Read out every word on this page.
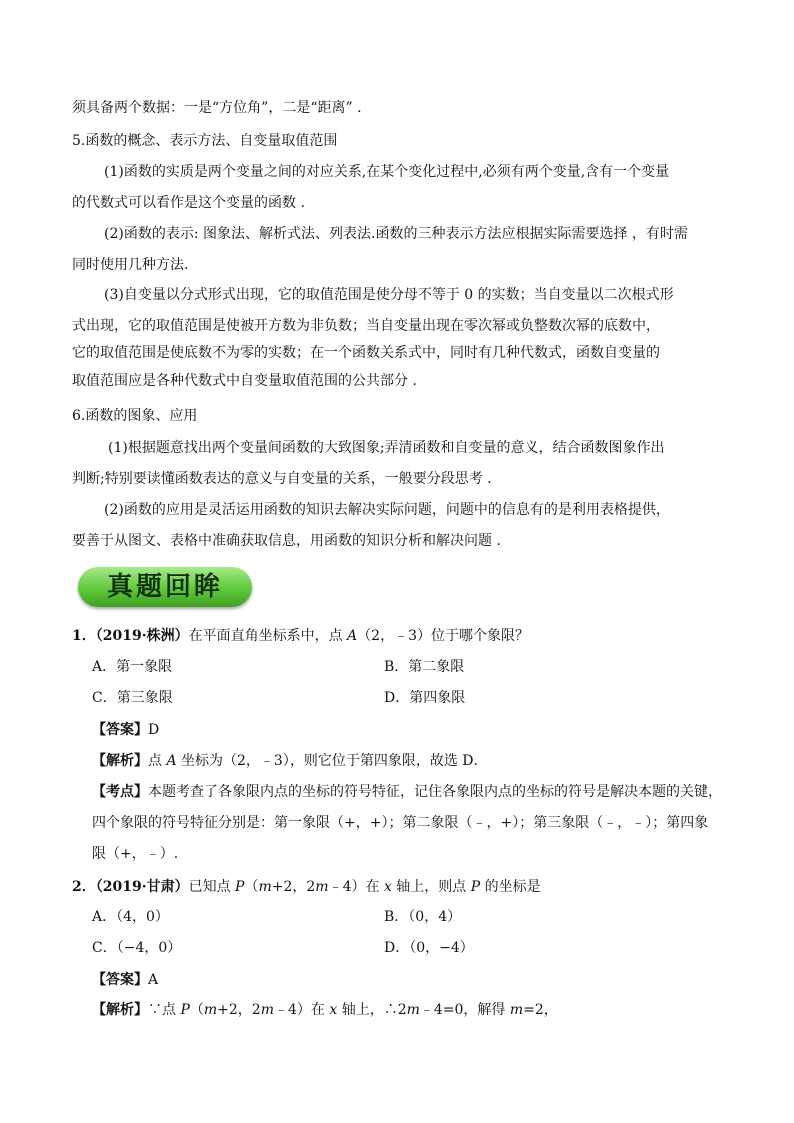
须具备两个数据：一是“方位角”，二是“距离” .
5.函数的概念、表示方法、自变量取值范围
(1)函数的实质是两个变量之间的对应关系,在某个变化过程中,必须有两个变量,含有一个变量
的代数式可以看作是这个变量的函数 .
(2)函数的表示: 图象法、解析式法、列表法.函数的三种表示方法应根据实际需要选择 ，有时需
同时使用几种方法.
(3)自变量以分式形式出现，它的取值范围是使分母不等于 0 的实数；当自变量以二次根式形
式出现，它的取值范围是使被开方数为非负数；当自变量出现在零次幂或负整数次幂的底数中，
它的取值范围是使底数不为零的实数；在一个函数关系式中，同时有几种代数式，函数自变量的
取值范围应是各种代数式中自变量取值范围的公共部分 .
6.函数的图象、应用
(1)根据题意找出两个变量间函数的大致图象;弄清函数和自变量的意义，结合函数图象作出
判断;特别要读懂函数表达的意义与自变量的关系，一般要分段思考 .
(2)函数的应用是灵活运用函数的知识去解决实际问题，问题中的信息有的是利用表格提供，
要善于从图文、表格中准确获取信息，用函数的知识分析和解决问题 .
真题回眸
1．（2019·株洲）在平面直角坐标系中，点 A（2，﹣3）位于哪个象限？
A．第一象限	B．第二象限
C．第三象限	D．第四象限
【答案】D
【解析】点 A 坐标为（2，﹣3），则它位于第四象限，故选 D．
【考点】本题考查了各象限内点的坐标的符号特征，记住各象限内点的坐标的符号是解决本题的关键，
四个象限的符号特征分别是：第一象限（+，+）；第二象限（﹣，+）；第三象限（﹣，﹣）；第四象
限（+，﹣）.
2．（2019·甘肃）已知点 P（m+2，2m﹣4）在 x 轴上，则点 P 的坐标是
A．（4，0）	B．（0，4）
C．（−4，0）	D．（0，−4）
【答案】A
【解析】∵点 P（m+2，2m﹣4）在 x 轴上，∴2m﹣4=0，解得 m=2，
